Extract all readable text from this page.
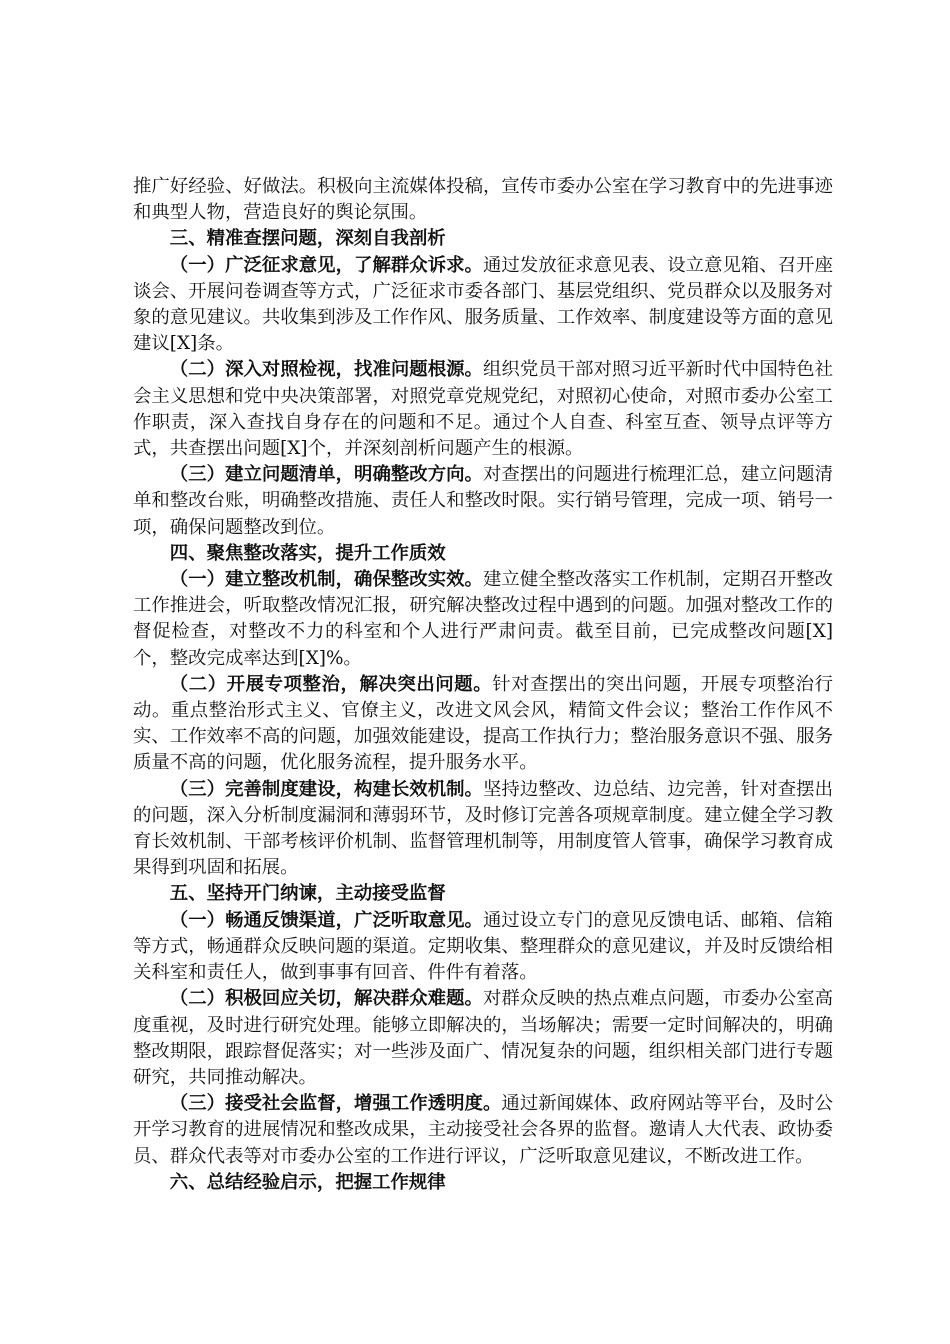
推广好经验、好做法。积极向主流媒体投稿，宣传市委办公室在学习教育中的先进事迹和典型人物，营造良好的舆论氛围。

三、精准查摆问题，深刻自我剖析

（一）广泛征求意见，了解群众诉求。通过发放征求意见表、设立意见箱、召开座谈会、开展问卷调查等方式，广泛征求市委各部门、基层党组织、党员群众以及服务对象的意见建议。共收集到涉及工作作风、服务质量、工作效率、制度建设等方面的意见建议[X]条。

（二）深入对照检视，找准问题根源。组织党员干部对照习近平新时代中国特色社会主义思想和党中央决策部署，对照党章党规党纪，对照初心使命，对照市委办公室工作职责，深入查找自身存在的问题和不足。通过个人自查、科室互查、领导点评等方式，共查摆出问题[X]个，并深刻剖析问题产生的根源。

（三）建立问题清单，明确整改方向。对查摆出的问题进行梳理汇总，建立问题清单和整改台账，明确整改措施、责任人和整改时限。实行销号管理，完成一项、销号一项，确保问题整改到位。

四、聚焦整改落实，提升工作质效

（一）建立整改机制，确保整改实效。建立健全整改落实工作机制，定期召开整改工作推进会，听取整改情况汇报，研究解决整改过程中遇到的问题。加强对整改工作的督促检查，对整改不力的科室和个人进行严肃问责。截至目前，已完成整改问题[X]个，整改完成率达到[X]%。

（二）开展专项整治，解决突出问题。针对查摆出的突出问题，开展专项整治行动。重点整治形式主义、官僚主义，改进文风会风，精简文件会议；整治工作作风不实、工作效率不高的问题，加强效能建设，提高工作执行力；整治服务意识不强、服务质量不高的问题，优化服务流程，提升服务水平。

（三）完善制度建设，构建长效机制。坚持边整改、边总结、边完善，针对查摆出的问题，深入分析制度漏洞和薄弱环节，及时修订完善各项规章制度。建立健全学习教育长效机制、干部考核评价机制、监督管理机制等，用制度管人管事，确保学习教育成果得到巩固和拓展。

五、坚持开门纳谏，主动接受监督

（一）畅通反馈渠道，广泛听取意见。通过设立专门的意见反馈电话、邮箱、信箱等方式，畅通群众反映问题的渠道。定期收集、整理群众的意见建议，并及时反馈给相关科室和责任人，做到事事有回音、件件有着落。

（二）积极回应关切，解决群众难题。对群众反映的热点难点问题，市委办公室高度重视，及时进行研究处理。能够立即解决的，当场解决；需要一定时间解决的，明确整改期限，跟踪督促落实；对一些涉及面广、情况复杂的问题，组织相关部门进行专题研究，共同推动解决。

（三）接受社会监督，增强工作透明度。通过新闻媒体、政府网站等平台，及时公开学习教育的进展情况和整改成果，主动接受社会各界的监督。邀请人大代表、政协委员、群众代表等对市委办公室的工作进行评议，广泛听取意见建议，不断改进工作。

六、总结经验启示，把握工作规律
